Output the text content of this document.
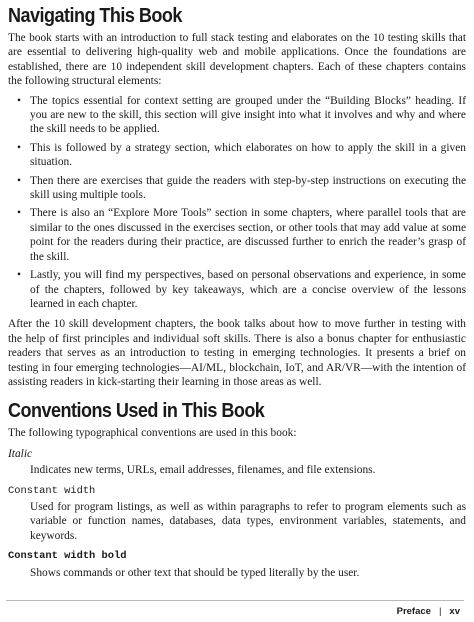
Navigating This Book

The book starts with an introduction to full stack testing and elaborates on the 10 testing skills that are essential to delivering high-quality web and mobile applications. Once the foundations are established, there are 10 independent skill development chapters. Each of these chapters contains the following structural elements:

• The topics essential for context setting are grouped under the “Building Blocks” heading. If you are new to the skill, this section will give insight into what it involves and why and where the skill needs to be applied.
• This is followed by a strategy section, which elaborates on how to apply the skill in a given situation.
• Then there are exercises that guide the readers with step-by-step instructions on executing the skill using multiple tools.
• There is also an “Explore More Tools” section in some chapters, where parallel tools that are similar to the ones discussed in the exercises section, or other tools that may add value at some point for the readers during their practice, are discussed further to enrich the reader’s grasp of the skill.
• Lastly, you will find my perspectives, based on personal observations and experience, in some of the chapters, followed by key takeaways, which are a concise overview of the lessons learned in each chapter.

After the 10 skill development chapters, the book talks about how to move further in testing with the help of first principles and individual soft skills. There is also a bonus chapter for enthusiastic readers that serves as an introduction to testing in emerging technologies. It presents a brief on testing in four emerging technologies—AI/ML, blockchain, IoT, and AR/VR—with the intention of assisting readers in kick-starting their learning in those areas as well.

Conventions Used in This Book

The following typographical conventions are used in this book:

Italic
Indicates new terms, URLs, email addresses, filenames, and file extensions.
Constant width
Used for program listings, as well as within paragraphs to refer to program elements such as variable or function names, databases, data types, environment variables, statements, and keywords.
Constant width bold
Shows commands or other text that should be typed literally by the user.
Preface | xv
